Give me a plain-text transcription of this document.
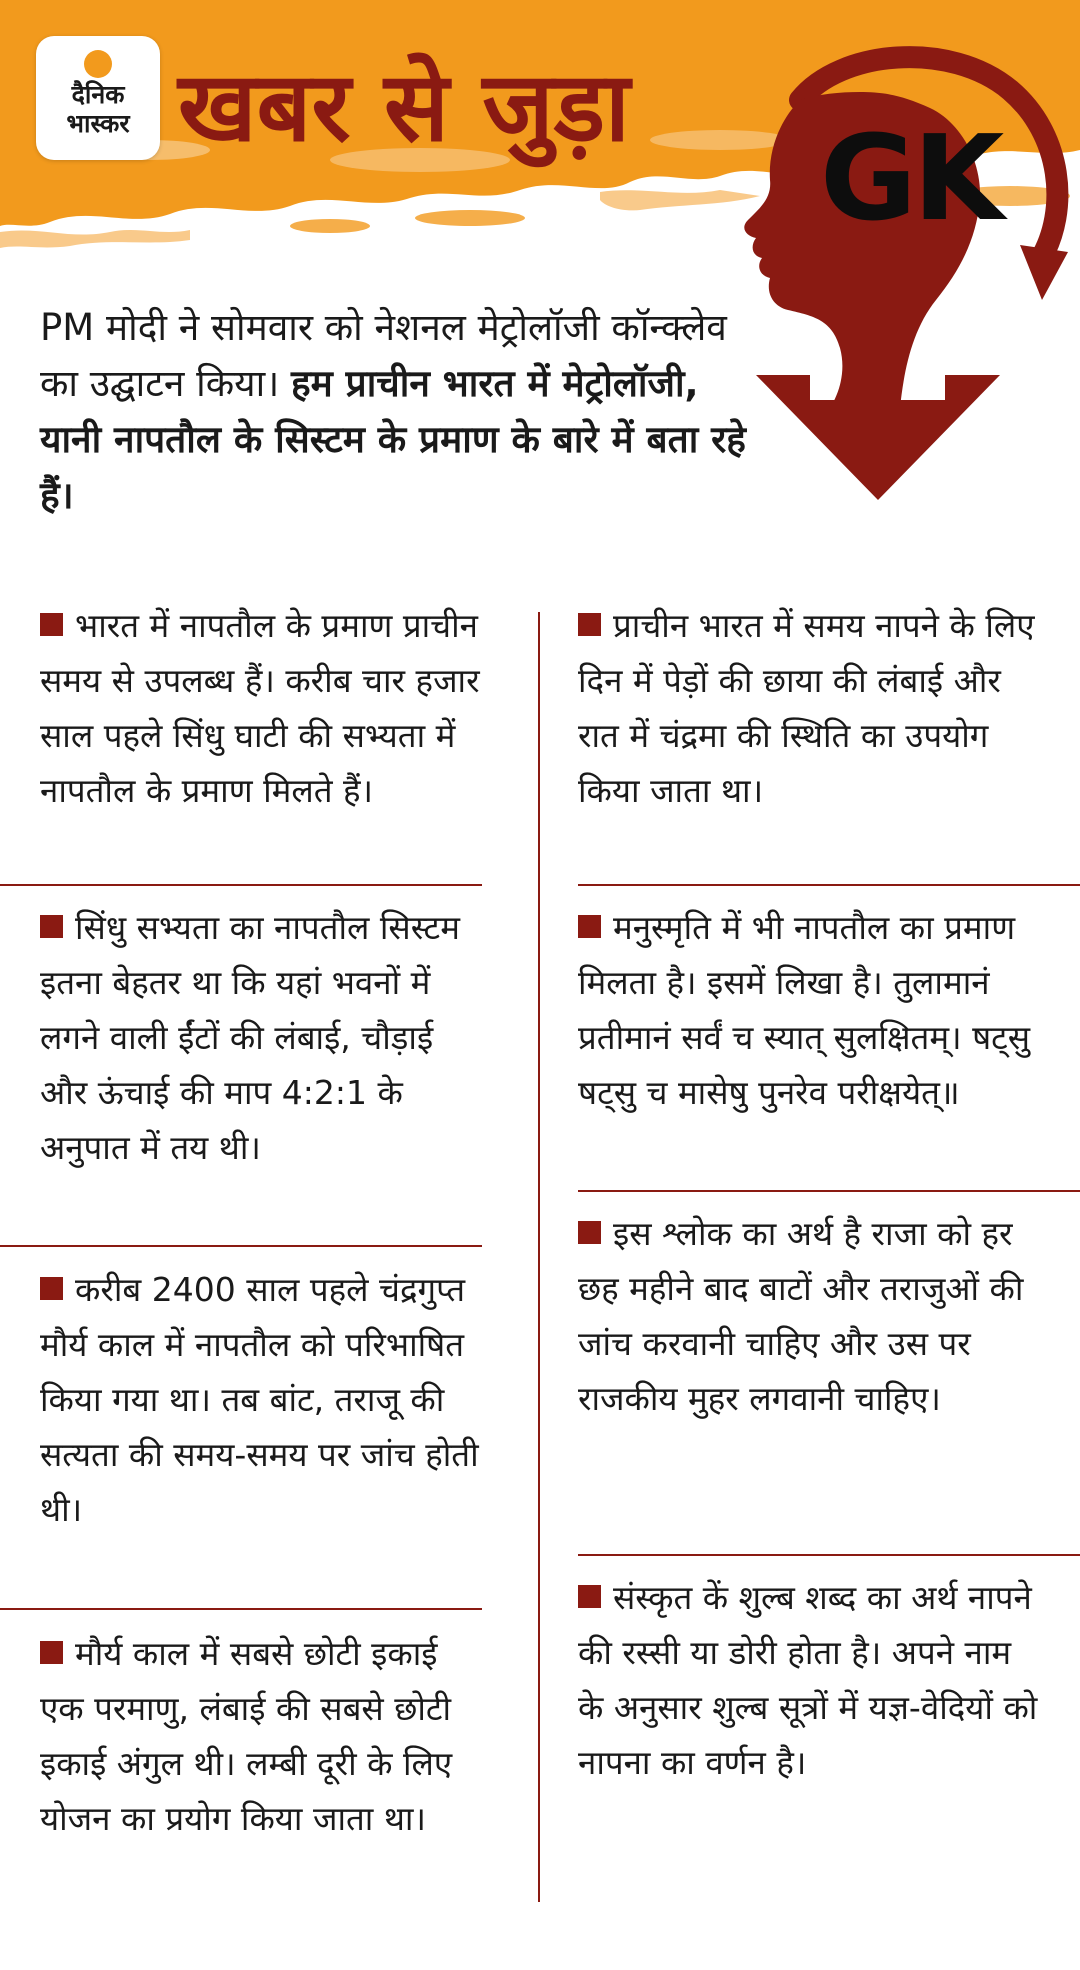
दैनिक भास्कर खबर से जुड़ा
GK
PM मोदी ने सोमवार को नेशनल मेट्रोलॉजी कॉन्क्लेव का उद्घाटन किया। हम प्राचीन भारत में मेट्रोलॉजी, यानी नापतौल के सिस्टम के प्रमाण के बारे में बता रहे हैं।
भारत में नापतौल के प्रमाण प्राचीन समय से उपलब्ध हैं। करीब चार हजार साल पहले सिंधु घाटी की सभ्यता में नापतौल के प्रमाण मिलते हैं।
सिंधु सभ्यता का नापतौल सिस्टम इतना बेहतर था कि यहां भवनों में लगने वाली ईंटों की लंबाई, चौड़ाई और ऊंचाई की माप 4:2:1 के अनुपात में तय थी।
करीब 2400 साल पहले चंद्रगुप्त मौर्य काल में नापतौल को परिभाषित किया गया था। तब बांट, तराजू की सत्यता की समय-समय पर जांच होती थी।
मौर्य काल में सबसे छोटी इकाई एक परमाणु, लंबाई की सबसे छोटी इकाई अंगुल थी। लम्बी दूरी के लिए योजन का प्रयोग किया जाता था।
प्राचीन भारत में समय नापने के लिए दिन में पेड़ों की छाया की लंबाई और रात में चंद्रमा की स्थिति का उपयोग किया जाता था।
मनुस्मृति में भी नापतौल का प्रमाण मिलता है। इसमें लिखा है। तुलामानं प्रतीमानं सर्वं च स्यात् सुलक्षितम्। षट्सु षट्सु च मासेषु पुनरेव परीक्षयेत्॥
इस श्लोक का अर्थ है राजा को हर छह महीने बाद बाटों और तराजुओं की जांच करवानी चाहिए और उस पर राजकीय मुहर लगवानी चाहिए।
संस्कृत कें शुल्ब शब्द का अर्थ नापने की रस्सी या डोरी होता है। अपने नाम के अनुसार शुल्ब सूत्रों में यज्ञ-वेदियों को नापना का वर्णन है।
